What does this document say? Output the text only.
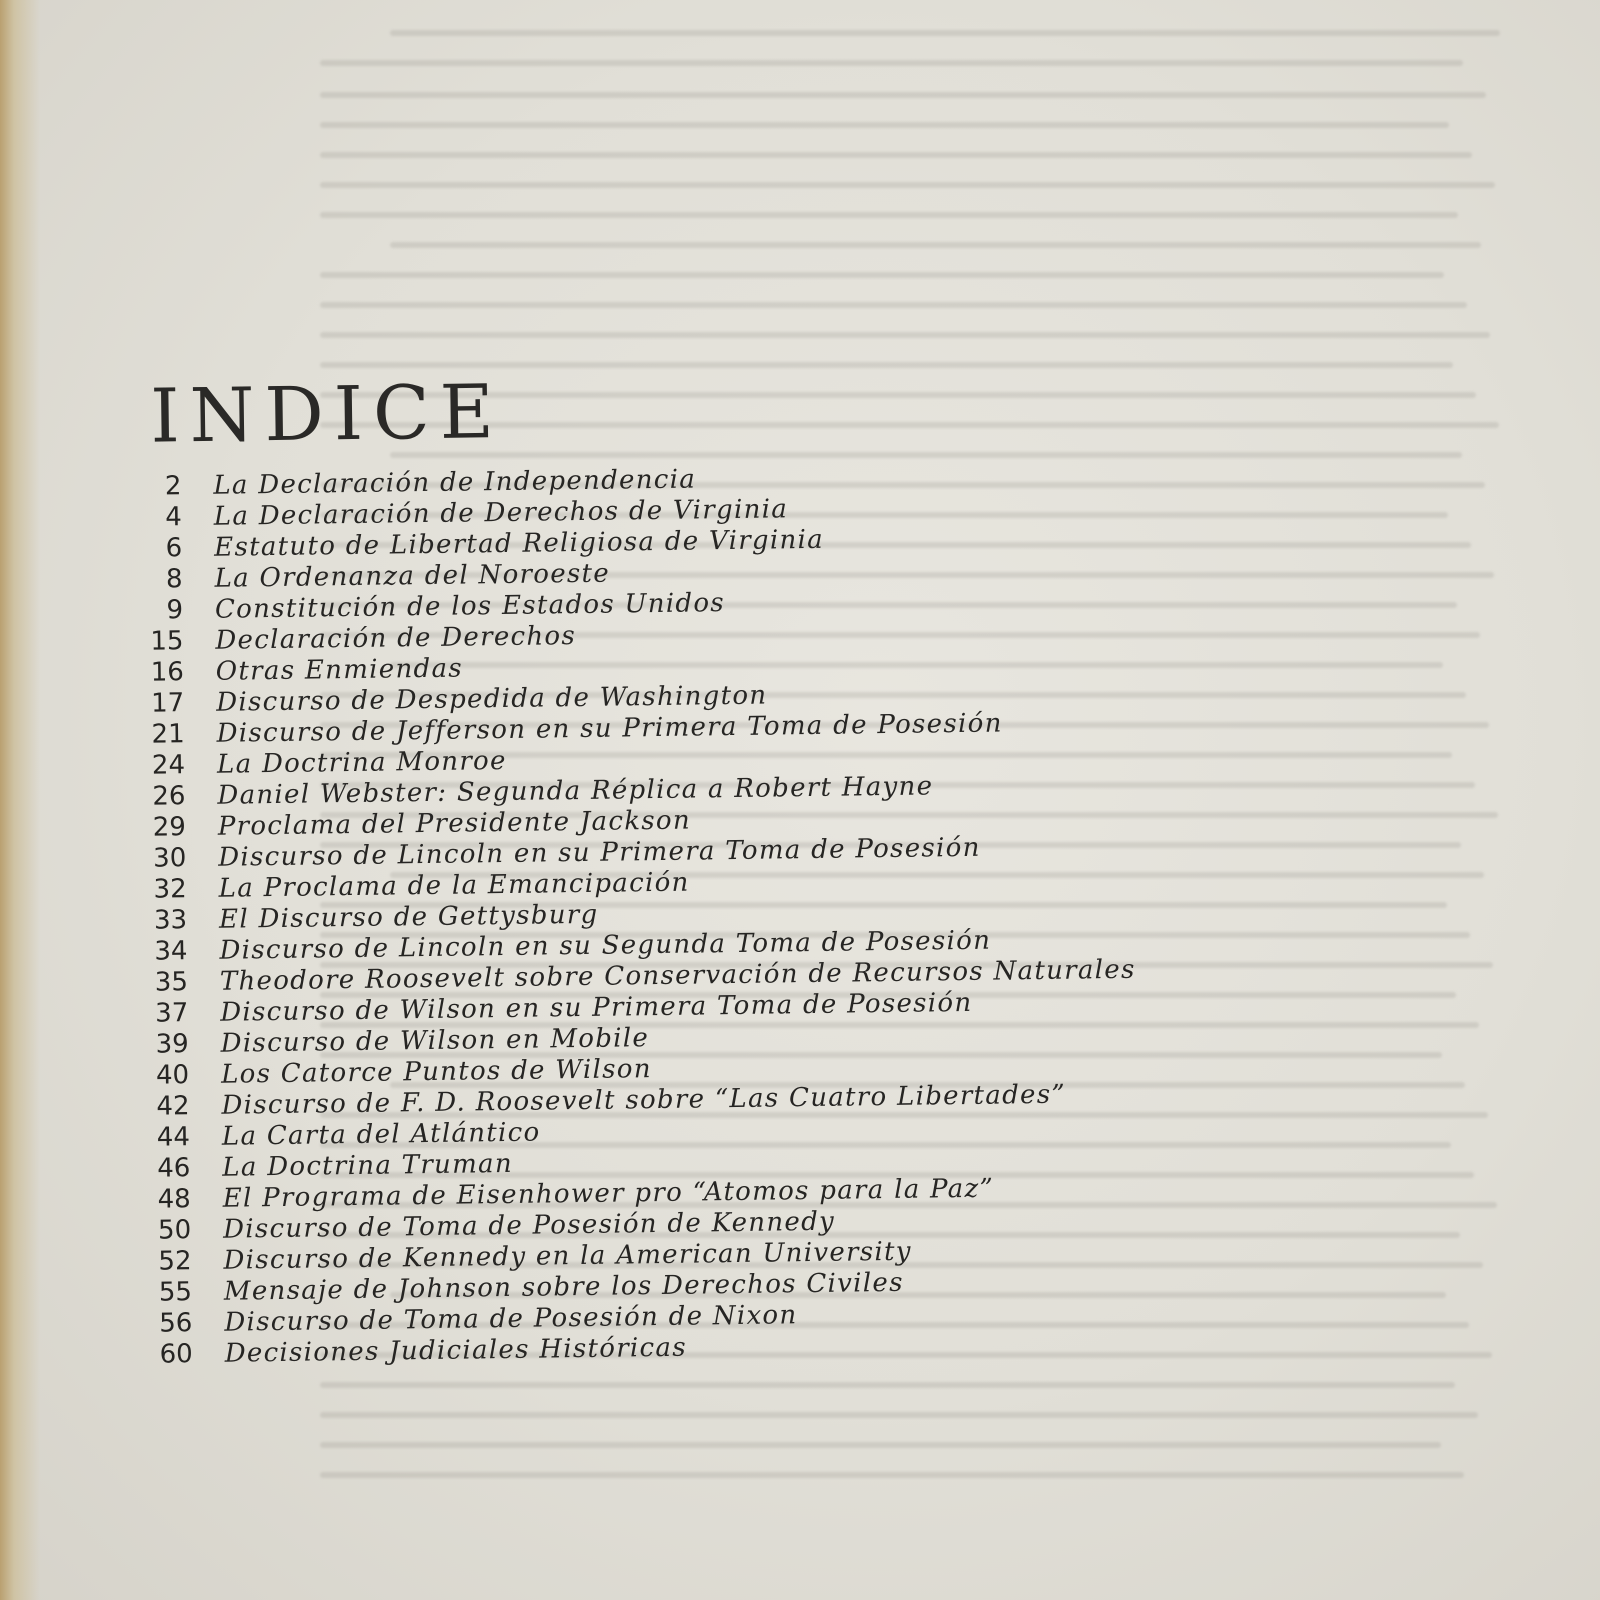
INDICE
2 La Declaración de Independencia
4 La Declaración de Derechos de Virginia
6 Estatuto de Libertad Religiosa de Virginia
8 La Ordenanza del Noroeste
9 Constitución de los Estados Unidos
15 Declaración de Derechos
16 Otras Enmiendas
17 Discurso de Despedida de Washington
21 Discurso de Jefferson en su Primera Toma de Posesión
24 La Doctrina Monroe
26 Daniel Webster: Segunda Réplica a Robert Hayne
29 Proclama del Presidente Jackson
30 Discurso de Lincoln en su Primera Toma de Posesión
32 La Proclama de la Emancipación
33 El Discurso de Gettysburg
34 Discurso de Lincoln en su Segunda Toma de Posesión
35 Theodore Roosevelt sobre Conservación de Recursos Naturales
37 Discurso de Wilson en su Primera Toma de Posesión
39 Discurso de Wilson en Mobile
40 Los Catorce Puntos de Wilson
42 Discurso de F. D. Roosevelt sobre “Las Cuatro Libertades”
44 La Carta del Atlántico
46 La Doctrina Truman
48 El Programa de Eisenhower pro “Atomos para la Paz”
50 Discurso de Toma de Posesión de Kennedy
52 Discurso de Kennedy en la American University
55 Mensaje de Johnson sobre los Derechos Civiles
56 Discurso de Toma de Posesión de Nixon
60 Decisiones Judiciales Históricas
